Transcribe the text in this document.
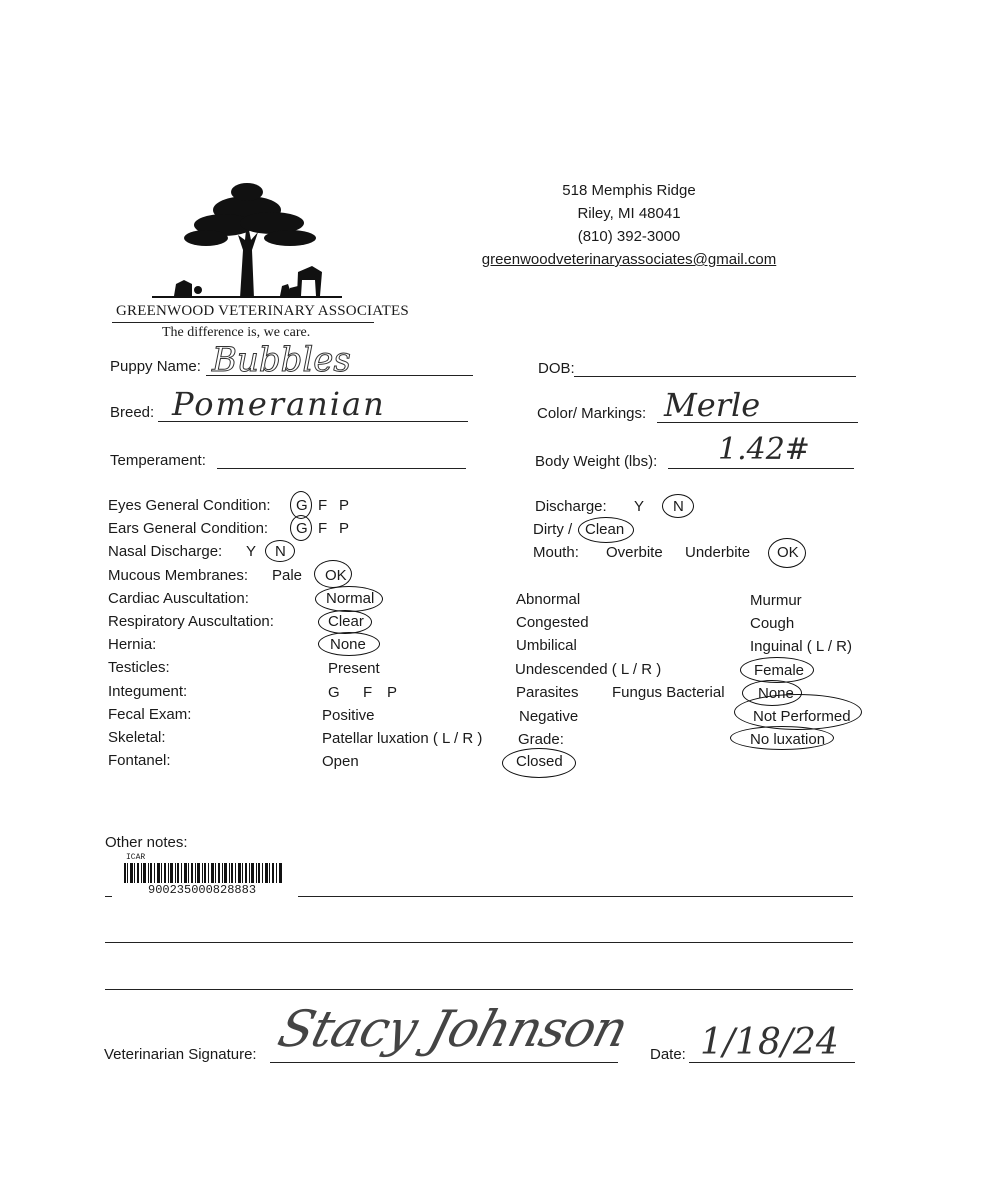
GREENWOOD VETERINARY ASSOCIATES
The difference is, we care.
518 Memphis Ridge
Riley, MI 48041
(810) 392-3000
greenwoodveterinaryassociates@gmail.com
Puppy Name: Bubbles	DOB:
Breed: Pomeranian	Color/ Markings: Merle
Temperament:	Body Weight (lbs): 1.42#
Eyes General Condition: G F P
Ears General Condition: G F P
Nasal Discharge: Y N
Mucous Membranes: Pale OK
Cardiac Auscultation:	Normal	Abnormal	Murmur
Respiratory Auscultation:	Clear	Congested	Cough
Hernia:	None	Umbilical	Inguinal ( L / R)
Testicles:	Present	Undescended ( L / R )	Female
Integument:	G F P	Parasites Fungus Bacterial None
Fecal Exam:	Positive	Negative	Not Performed
Skeletal:	Patellar luxation ( L / R ) Grade:	No luxation
Fontanel:	Open	Closed
Discharge: Y N
Dirty / Clean
Mouth: Overbite Underbite OK
Other notes:
ICAR
900235000828883
Veterinarian Signature: Stacy Johnson Date: 1/18/24
